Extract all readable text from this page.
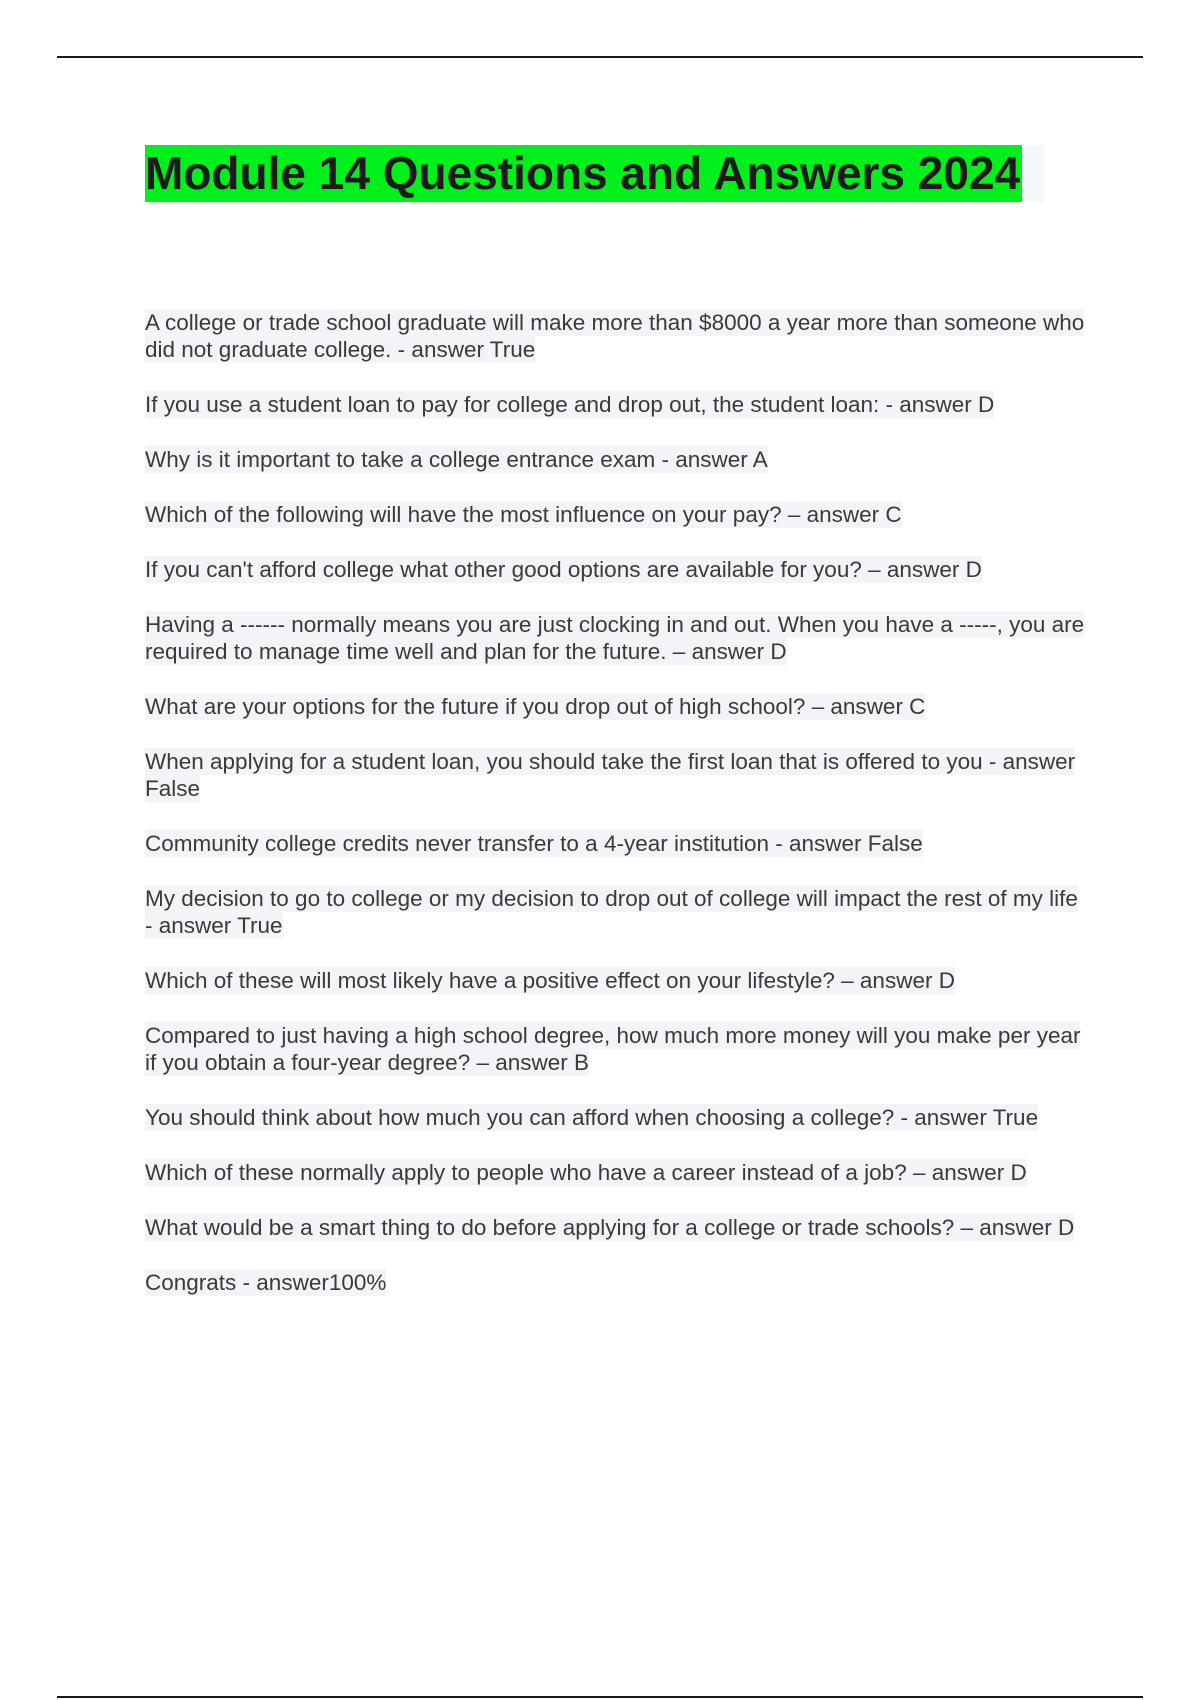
Module 14 Questions and Answers 2024

A college or trade school graduate will make more than $8000 a year more than someone who did not graduate college. - answer True

If you use a student loan to pay for college and drop out, the student loan: - answer D

Why is it important to take a college entrance exam - answer A

Which of the following will have the most influence on your pay? – answer C

If you can't afford college what other good options are available for you? – answer D

Having a ------ normally means you are just clocking in and out. When you have a -----, you are required to manage time well and plan for the future. – answer D

What are your options for the future if you drop out of high school? – answer C

When applying for a student loan, you should take the first loan that is offered to you - answer False

Community college credits never transfer to a 4-year institution - answer False

My decision to go to college or my decision to drop out of college will impact the rest of my life - answer True

Which of these will most likely have a positive effect on your lifestyle? – answer D

Compared to just having a high school degree, how much more money will you make per year if you obtain a four-year degree? – answer B

You should think about how much you can afford when choosing a college? - answer True

Which of these normally apply to people who have a career instead of a job? – answer D

What would be a smart thing to do before applying for a college or trade schools? – answer D

Congrats - answer100%
